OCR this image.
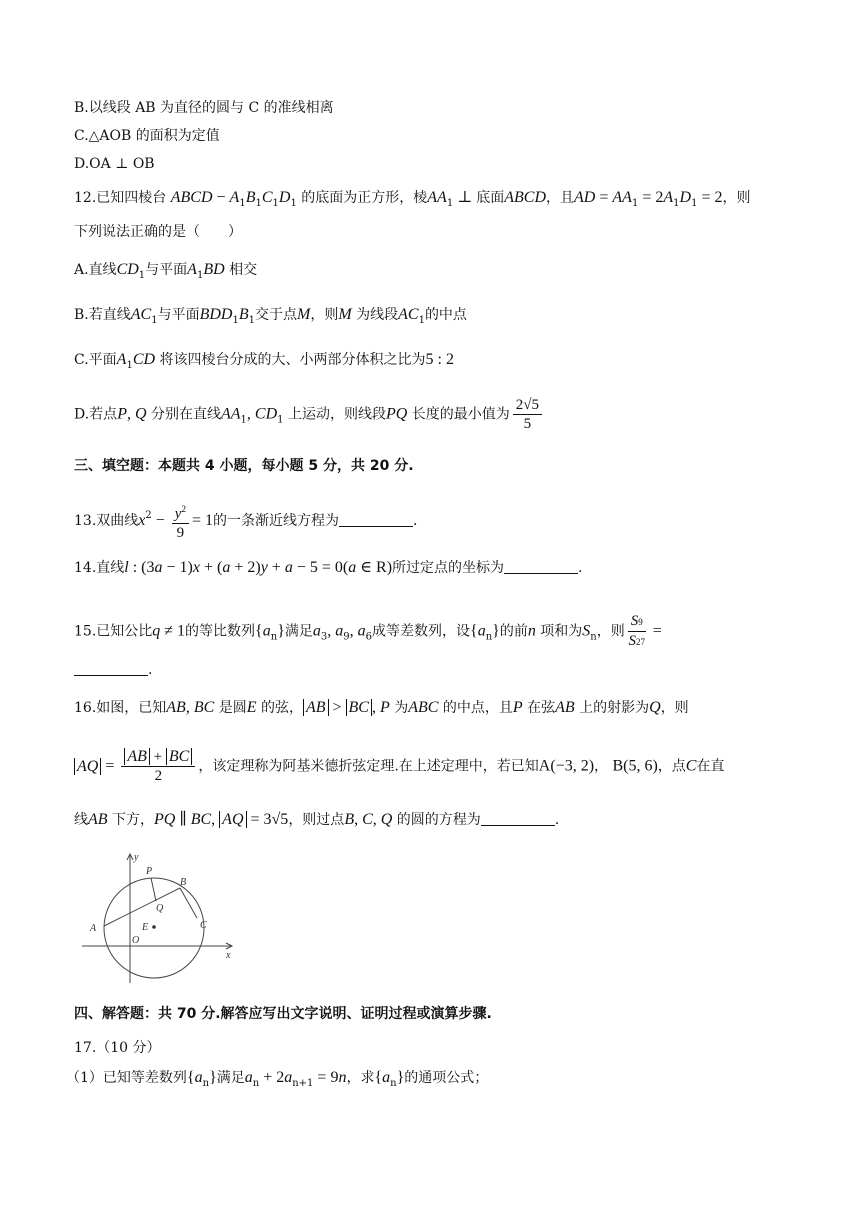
B.以线段 AB 为直径的圆与 C 的准线相离
C.△AOB 的面积为定值
D.OA ⊥ OB
12.已知四棱台 ABCD − $A_1B_1C_1D_1$ 的底面为正方形，棱$AA_1$ ⊥ 底面ABCD，且AD = $AA_1 = 2A_1D_1 = 2$，则
下列说法正确的是（　　）
A.直线$CD_1$与平面$A_1BD$ 相交
B.若直线$AC_1$与平面$BDD_1B_1$交于点M，则M 为线段$AC_1$的中点
C.平面$A_1CD$ 将该四棱台分成的大、小两部分体积之比为5 : 2
D.若点P, Q 分别在直线$AA_1$, $CD_1$ 上运动，则线段PQ 长度的最小值为 $\frac{2√5}{5}$
三、填空题：本题共 4 小题，每小题 5 分，共 20 分.
13.双曲线$x^2 - \frac{y^2}{9} = 1$的一条渐近线方程为	.
14.直线l : (3a − 1)x + (a + 2)y + a − 5 = 0(a ∈ R)所过定点的坐标为	.
15.已知公比q ≠ 1的等比数列$\{a_n\}$满足$a_3$, $a_9$, $a_6$成等差数列，设$\{a_n\}$的前n 项和为$S_n$，则 $\frac{S9}{S27}$ =
.
16.如图，已知AB, BC 是圆E 的弦， AB > BC , P 为ABC 的中点，且P 在弦AB 上的射影为Q，则
AQ = $\frac{AB + BC}{2}$ ，该定理称为阿基米德折弦定理.在上述定理中，若已知A(−3, 2)， B(5, 6)，点C在直
线AB 下方，PQ ∥ BC, AQ = 3√5，则过点B, C, Q 的圆的方程为	.
y
x
P
B
Q
A	E
O
C
四、解答题：共 70 分.解答应写出文字说明、证明过程或演算步骤.
17.（10 分）
（1）已知等差数列$\{a_n\}$满足$a_n + 2a_{n+1} = 9n$，求$\{a_n\}$的通项公式；
